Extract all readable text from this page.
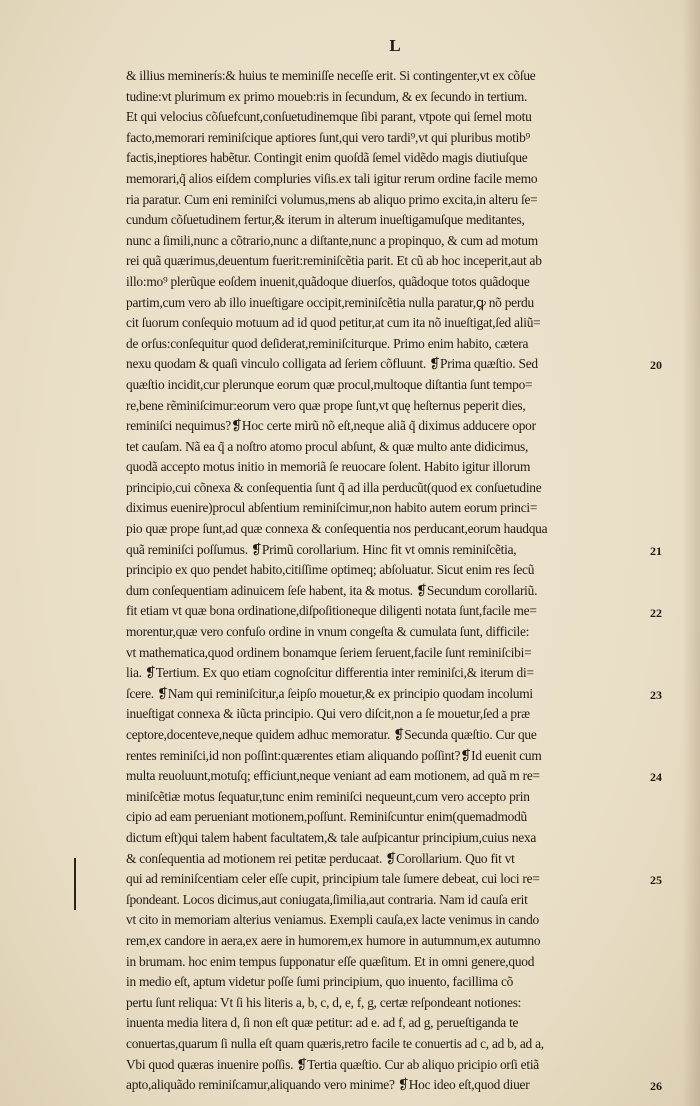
L
& illius meminerís:& huius te meminiſſe neceſſe erit. Si contingenter,vt ex cõſue
tudine:vt plurimum ex primo moueb:ris in ſecundum, & ex ſecundo in tertium.
Et qui velocius cõſuefcunt,conſuetudinemque ſibi parant, vtpote qui ſemel motu
facto,memorari reminiſcique aptiores ſunt,qui vero tardi⁹,vt qui pluribus motib⁹
factis,ineptiores habẽtur. Contingit enim quoſdã ſemel vidẽdo magis diutiuſque
memorari,q̃ alios eiſdem compluries viſis.ex tali igitur rerum ordine facile memo
ria paratur. Cum eni reminiſci volumus,mens ab aliquo primo excita,in alteru ſe=
cundum cõſuetudinem fertur,& iterum in alterum inueſtigamuſque meditantes,
nunc a ſimili,nunc a cõtrario,nunc a diſtante,nunc a propinquo, & cum ad motum
rei quã quærimus,deuentum fuerit:reminiſcẽtia parit. Et cũ ab hoc inceperit,aut ab
illo:mo⁹ plerũque eoſdem inuenit,quãdoque diuerſos, quãdoque totos quãdoque
partim,cum vero ab illo inueſtigare occipit,reminiſcẽtia nulla paratur,ꝙ nõ perdu
cit ſuorum conſequio motuum ad id quod petitur,at cum ita nõ inueſtigat,ſed aliũ=
de orſus:conſequitur quod deſiderat,reminiſciturque. Primo enim habito, cætera
nexu quodam & quaſi vinculo colligata ad ſeriem cõfluunt. ❡Prima quæſtio. Sed
quæſtio incidit,cur plerunque eorum quæ procul,multoque diſtantia ſunt tempo=
re,bene rẽminiſcimur:eorum vero quæ prope ſunt,vt quę heſternus peperit dies,
reminiſci nequimus?❡Hoc certe mirũ nõ eſt,neque aliã q̃ diximus adducere opor
tet cauſam. Nã ea q̃ a noſtro atomo procul abſunt, & quæ multo ante didicimus,
quodã accepto motus initio in memoriã ſe reuocare ſolent. Habito igitur illorum
principio,cui cõnexa & conſequentia ſunt q̃ ad illa perducũt(quod ex conſuetudine
diximus euenire)procul abſentium reminiſcimur,non habito autem eorum princi=
pio quæ prope ſunt,ad quæ connexa & conſequentia nos perducant,eorum haudqua
quã reminiſci poſſumus. ❡Primũ corollarium. Hinc fit vt omnis reminiſcẽtia,
principio ex quo pendet habito,citiſſime optimeq; abſoluatur. Sicut enim res ſecũ
dum conſequentiam adinuicem ſeſe habent, ita & motus. ❡Secundum corollariũ.
fit etiam vt quæ bona ordinatione,diſpoſitioneque diligenti notata ſunt,facile me=
morentur,quæ vero confuſo ordine in vnum congeſta & cumulata ſunt, difficile:
vt mathematica,quod ordinem bonamque ſeriem ſeruent,facile ſunt reminiſcibi=
lia. ❡Tertium. Ex quo etiam cognoſcitur differentia inter reminiſci,& iterum di=
ſcere. ❡Nam qui reminiſcitur,a ſeipſo mouetur,& ex principio quodam incolumi
inueſtigat connexa & iũcta principio. Qui vero diſcit,non a ſe mouetur,ſed a præ
ceptore,docenteve,neque quidem adhuc memoratur. ❡Secunda quæſtio. Cur que
rentes reminiſci,id non poſſint:quærentes etiam aliquando poſſint?❡Id euenit cum
multa reuoluunt,motuſq; efficiunt,neque veniant ad eam motionem, ad quã m re=
miniſcẽtiæ motus ſequatur,tunc enim reminiſci nequeunt,cum vero accepto prin
cipio ad eam perueniant motionem,poſſunt. Reminiſcuntur enim(quemadmodũ
dictum eſt)qui talem habent facultatem,& tale auſpicantur principium,cuius nexa
& conſequentia ad motionem rei petitæ perducaat. ❡Corollarium. Quo fit vt
qui ad reminiſcentiam celer eſſe cupit, principium tale ſumere debeat, cui loci re=
ſpondeant. Locos dicimus,aut coniugata,ſimilia,aut contraria. Nam id cauſa erit
vt cito in memoriam alterius veniamus. Exempli cauſa,ex lacte venimus in cando
rem,ex candore in aera,ex aere in humorem,ex humore in autumnum,ex autumno
in brumam. hoc enim tempus ſupponatur eſſe quæſitum. Et in omni genere,quod
in medio eſt, aptum videtur poſſe ſumi principium, quo inuento, facillima cõ
pertu ſunt reliqua: Vt ſi his literis a, b, c, d, e, f, g, certæ reſpondeant notiones:
inuenta media litera d, ſi non eſt quæ petitur: ad e. ad f, ad g, perueſtiganda te
conuertas,quarum ſi nulla eſt quam quæris,retro facile te conuertis ad c, ad b, ad a,
Vbi quod quæras inuenire poſſis. ❡Tertia quæſtio. Cur ab aliquo pricipio orſi etiã
apto,aliquãdo reminiſcamur,aliquando vero minime? ❡Hoc ideo eſt,quod diuer
20
21
22
23
24
25
26
